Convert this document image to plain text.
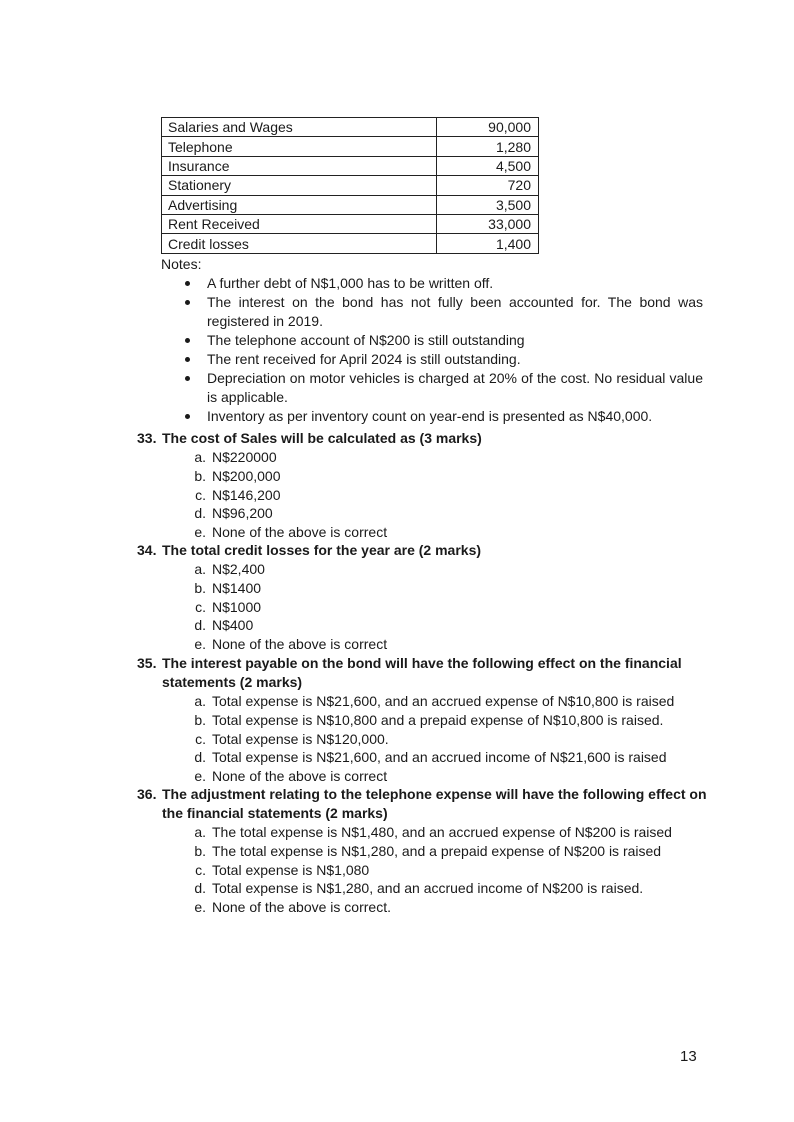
Salaries and Wages	90,000
Telephone	1,280
Insurance	4,500
Stationery	720
Advertising	3,500
Rent Received	33,000
Credit losses	1,400
Notes:
A further debt of N$1,000 has to be written off.
The interest on the bond has not fully been accounted for. The bond was registered in 2019.
The telephone account of N$200 is still outstanding
The rent received for April 2024 is still outstanding.
Depreciation on motor vehicles is charged at 20% of the cost. No residual value is applicable.
Inventory as per inventory count on year-end is presented as N$40,000.
33. The cost of Sales will be calculated as (3 marks)
a. N$220000
b. N$200,000
c. N$146,200
d. N$96,200
e. None of the above is correct
34. The total credit losses for the year are (2 marks)
a. N$2,400
b. N$1400
c. N$1000
d. N$400
e. None of the above is correct
35. The interest payable on the bond will have the following effect on the financial statements (2 marks)
a. Total expense is N$21,600, and an accrued expense of N$10,800 is raised
b. Total expense is N$10,800 and a prepaid expense of N$10,800 is raised.
c. Total expense is N$120,000.
d. Total expense is N$21,600, and an accrued income of N$21,600 is raised
e. None of the above is correct
36. The adjustment relating to the telephone expense will have the following effect on the financial statements (2 marks)
a. The total expense is N$1,480, and an accrued expense of N$200 is raised
b. The total expense is N$1,280, and a prepaid expense of N$200 is raised
c. Total expense is N$1,080
d. Total expense is N$1,280, and an accrued income of N$200 is raised.
e. None of the above is correct.
13
